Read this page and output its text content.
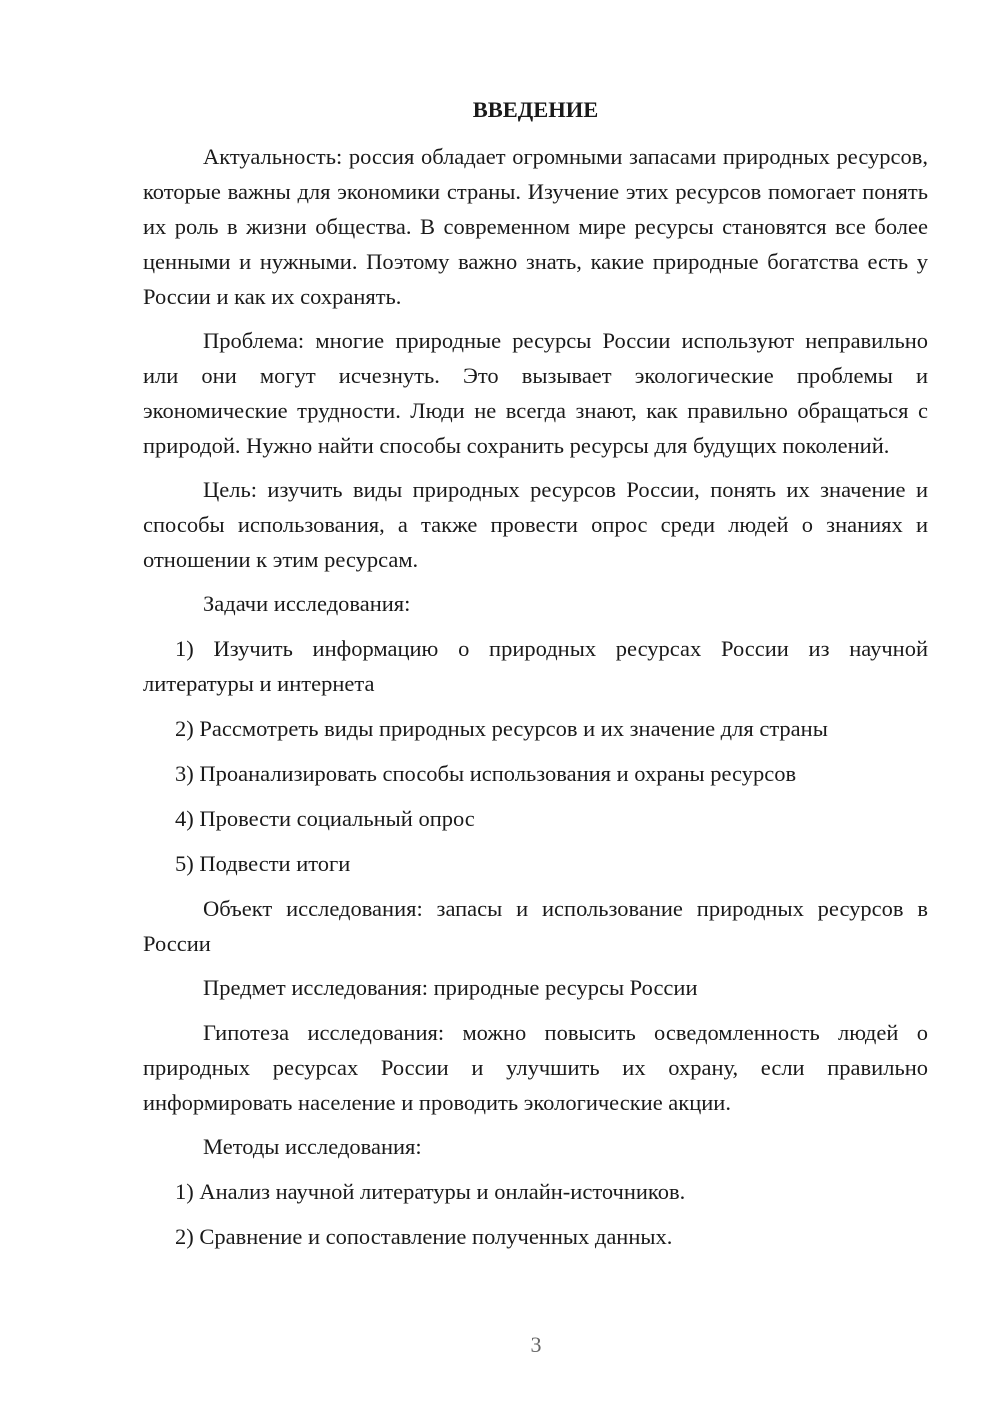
ВВЕДЕНИЕ

Актуальность: россия обладает огромными запасами природных ресурсов, которые важны для экономики страны. Изучение этих ресурсов помогает понять их роль в жизни общества. В современном мире ресурсы становятся все более ценными и нужными. Поэтому важно знать, какие природные богатства есть у России и как их сохранять.

Проблема: многие природные ресурсы России используют неправильно или они могут исчезнуть. Это вызывает экологические проблемы и экономические трудности. Люди не всегда знают, как правильно обращаться с природой. Нужно найти способы сохранить ресурсы для будущих поколений.

Цель: изучить виды природных ресурсов России, понять их значение и способы использования, а также провести опрос среди людей о знаниях и отношении к этим ресурсам.

Задачи исследования:

1) Изучить информацию о природных ресурсах России из научной литературы и интернета

2) Рассмотреть виды природных ресурсов и их значение для страны

3) Проанализировать способы использования и охраны ресурсов

4) Провести социальный опрос

5) Подвести итоги

Объект исследования: запасы и использование природных ресурсов в России

Предмет исследования: природные ресурсы России

Гипотеза исследования: можно повысить осведомленность людей о природных ресурсах России и улучшить их охрану, если правильно информировать население и проводить экологические акции.

Методы исследования:

1) Анализ научной литературы и онлайн-источников.

2) Сравнение и сопоставление полученных данных.

3
